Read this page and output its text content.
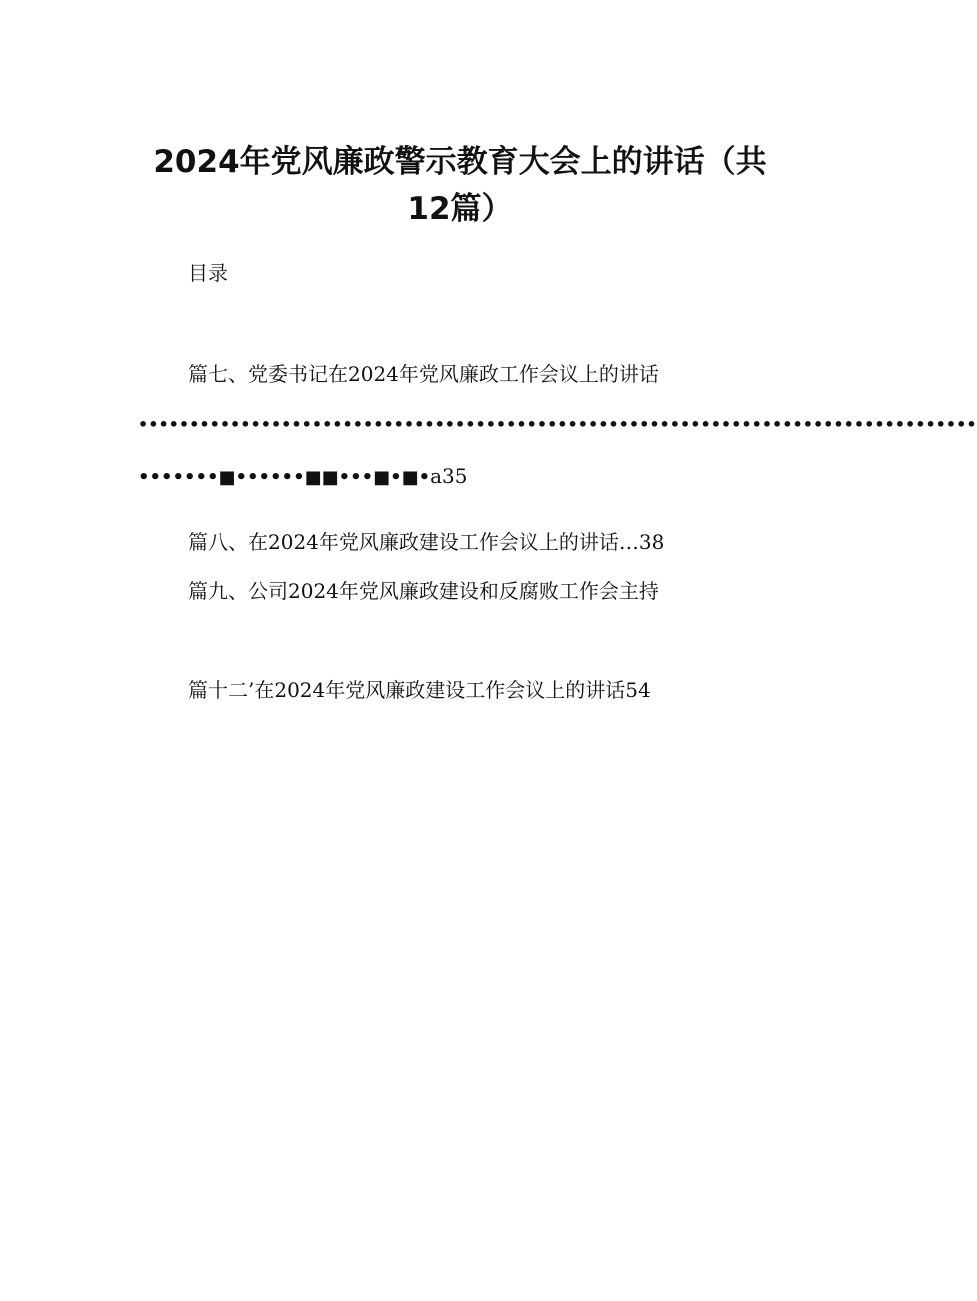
2024年党风廉政警示教育大会上的讲话（共
12篇）
目录
篇七、党委书记在2024年党风廉政工作会议上的讲话
••••••••••••••••••••••••••••••••••••••••••••••••••••••••••••••••••••••••••••••••••
•••••••■••••••■■•••■•■•a35
篇八、在2024年党风廉政建设工作会议上的讲话…38
篇九、公司2024年党风廉政建设和反腐败工作会主持
篇十二’在2024年党风廉政建设工作会议上的讲话54
